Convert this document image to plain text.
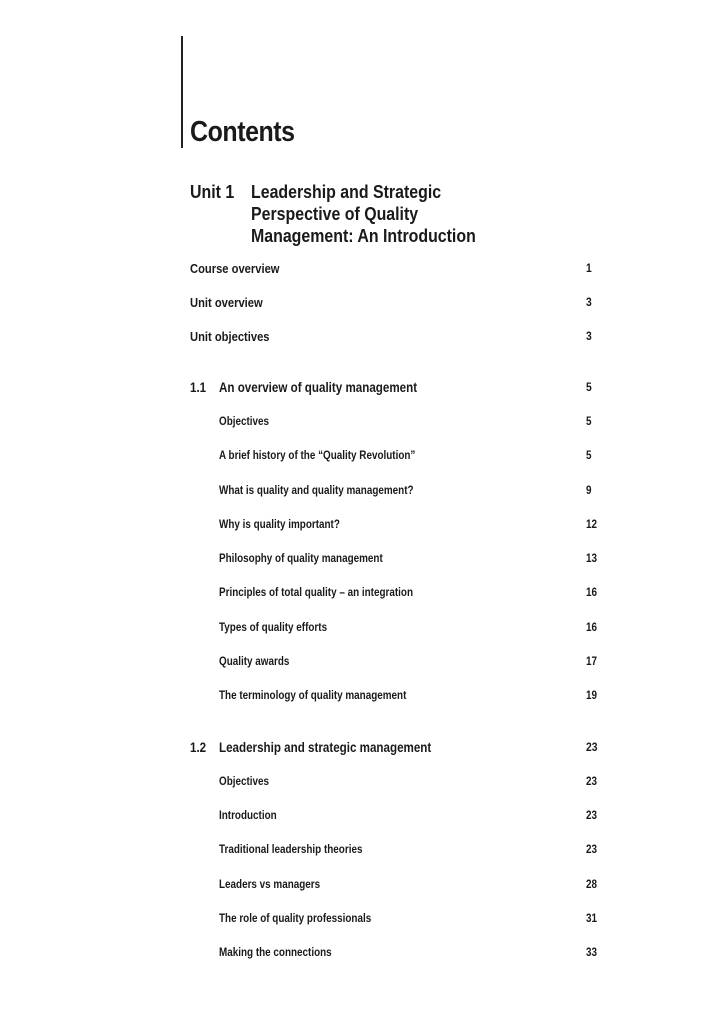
Contents
Unit 1 Leadership and Strategic
Perspective of Quality
Management: An Introduction
Course overview	1
Unit overview	3
Unit objectives	3
1.1 An overview of quality management	5
Objectives	5
A brief history of the “Quality Revolution”	5
What is quality and quality management?	9
Why is quality important?	12
Philosophy of quality management	13
Principles of total quality – an integration	16
Types of quality efforts	16
Quality awards	17
The terminology of quality management	19
1.2 Leadership and strategic management	23
Objectives	23
Introduction	23
Traditional leadership theories	23
Leaders vs managers	28
The role of quality professionals	31
Making the connections	33
